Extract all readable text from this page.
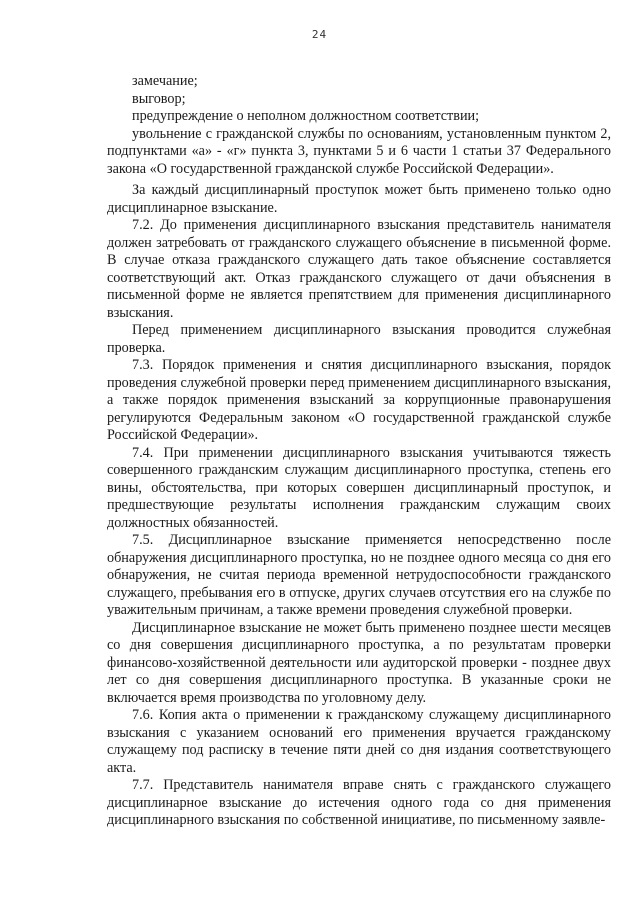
24

замечание;

выговор;

предупреждение о неполном должностном соответствии;

увольнение с гражданской службы по основаниям, установленным пунктом 2, подпунктами «а» - «г» пункта 3, пунктами 5 и 6 части 1 статьи 37 Федерального закона «О государственной гражданской службе Российской Федерации».

За каждый дисциплинарный проступок может быть применено только одно дисциплинарное взыскание.

7.2. До применения дисциплинарного взыскания представитель нанимателя должен затребовать от гражданского служащего объяснение в письменной форме. В случае отказа гражданского служащего дать такое объяснение составляется соответствующий акт. Отказ гражданского служащего от дачи объяснения в письменной форме не является препятствием для применения дисциплинарного взыскания.

Перед применением дисциплинарного взыскания проводится служебная проверка.

7.3. Порядок применения и снятия дисциплинарного взыскания, порядок проведения служебной проверки перед применением дисциплинарного взыскания, а также порядок применения взысканий за коррупционные правонарушения регулируются Федеральным законом «О государственной гражданской службе Российской Федерации».

7.4. При применении дисциплинарного взыскания учитываются тяжесть совершенного гражданским служащим дисциплинарного проступка, степень его вины, обстоятельства, при которых совершен дисциплинарный проступок, и предшествующие результаты исполнения гражданским служащим своих должностных обязанностей.

7.5. Дисциплинарное взыскание применяется непосредственно после обнаружения дисциплинарного проступка, но не позднее одного месяца со дня его обнаружения, не считая периода временной нетрудоспособности гражданского служащего, пребывания его в отпуске, других случаев отсутствия его на службе по уважительным причинам, а также времени проведения служебной проверки.

Дисциплинарное взыскание не может быть применено позднее шести месяцев со дня совершения дисциплинарного проступка, а по результатам проверки финансово-хозяйственной деятельности или аудиторской проверки - позднее двух лет со дня совершения дисциплинарного проступка. В указанные сроки не включается время производства по уголовному делу.

7.6. Копия акта о применении к гражданскому служащему дисциплинарного взыскания с указанием оснований его применения вручается гражданскому служащему под расписку в течение пяти дней со дня издания соответствующего акта.

7.7. Представитель нанимателя вправе снять с гражданского служащего дисциплинарное взыскание до истечения одного года со дня применения дисциплинарного взыскания по собственной инициативе, по письменному заявле-
